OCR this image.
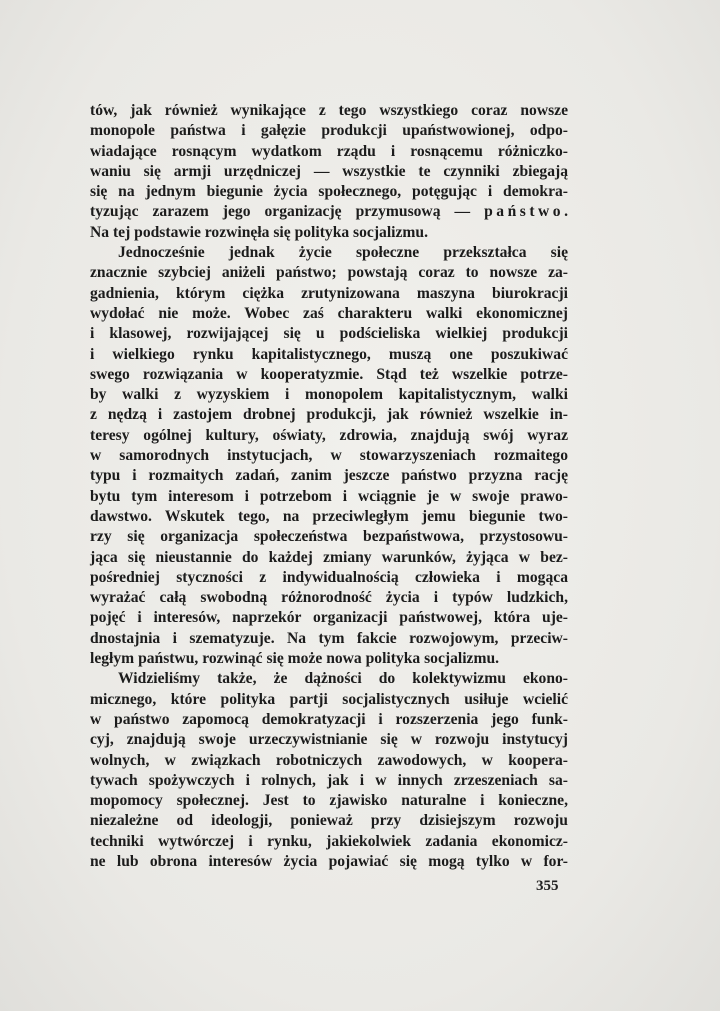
tów, jak również wynikające z tego wszystkiego coraz nowsze
monopole państwa i gałęzie produkcji upaństwowionej, odpo-
wiadające rosnącym wydatkom rządu i rosnącemu różniczko-
waniu się armji urzędniczej — wszystkie te czynniki zbiegają
się na jednym biegunie życia społecznego, potęgując i demokra-
tyzując zarazem jego organizację przymusową — państwo.
Na tej podstawie rozwinęła się polityka socjalizmu.

Jednocześnie jednak życie społeczne przekształca się
znacznie szybciej aniżeli państwo; powstają coraz to nowsze za-
gadnienia, którym ciężka zrutynizowana maszyna biurokracji
wydołać nie może. Wobec zaś charakteru walki ekonomicznej
i klasowej, rozwijającej się u podścieliska wielkiej produkcji
i wielkiego rynku kapitalistycznego, muszą one poszukiwać
swego rozwiązania w kooperatyzmie. Stąd też wszelkie potrze-
by walki z wyzyskiem i monopolem kapitalistycznym, walki
z nędzą i zastojem drobnej produkcji, jak również wszelkie in-
teresy ogólnej kultury, oświaty, zdrowia, znajdują swój wyraz
w samorodnych instytucjach, w stowarzyszeniach rozmaitego
typu i rozmaitych zadań, zanim jeszcze państwo przyzna rację
bytu tym interesom i potrzebom i wciągnie je w swoje prawo-
dawstwo. Wskutek tego, na przeciwległym jemu biegunie two-
rzy się organizacja społeczeństwa bezpaństwowa, przystosowu-
jąca się nieustannie do każdej zmiany warunków, żyjąca w bez-
pośredniej styczności z indywidualnością człowieka i mogąca
wyrażać całą swobodną różnorodność życia i typów ludzkich,
pojęć i interesów, naprzekór organizacji państwowej, która uje-
dnostajnia i szematyzuje. Na tym fakcie rozwojowym, przeciw-
ległym państwu, rozwinąć się może nowa polityka socjalizmu.

Widzieliśmy także, że dążności do kolektywizmu ekono-
micznego, które polityka partji socjalistycznych usiłuje wcielić
w państwo zapomocą demokratyzacji i rozszerzenia jego funk-
cyj, znajdują swoje urzeczywistnianie się w rozwoju instytucyj
wolnych, w związkach robotniczych zawodowych, w koopera-
tywach spożywczych i rolnych, jak i w innych zrzeszeniach sa-
mopomocy społecznej. Jest to zjawisko naturalne i konieczne,
niezależne od ideologji, ponieważ przy dzisiejszym rozwoju
techniki wytwórczej i rynku, jakiekolwiek zadania ekonomicz-
ne lub obrona interesów życia pojawiać się mogą tylko w for-

355
